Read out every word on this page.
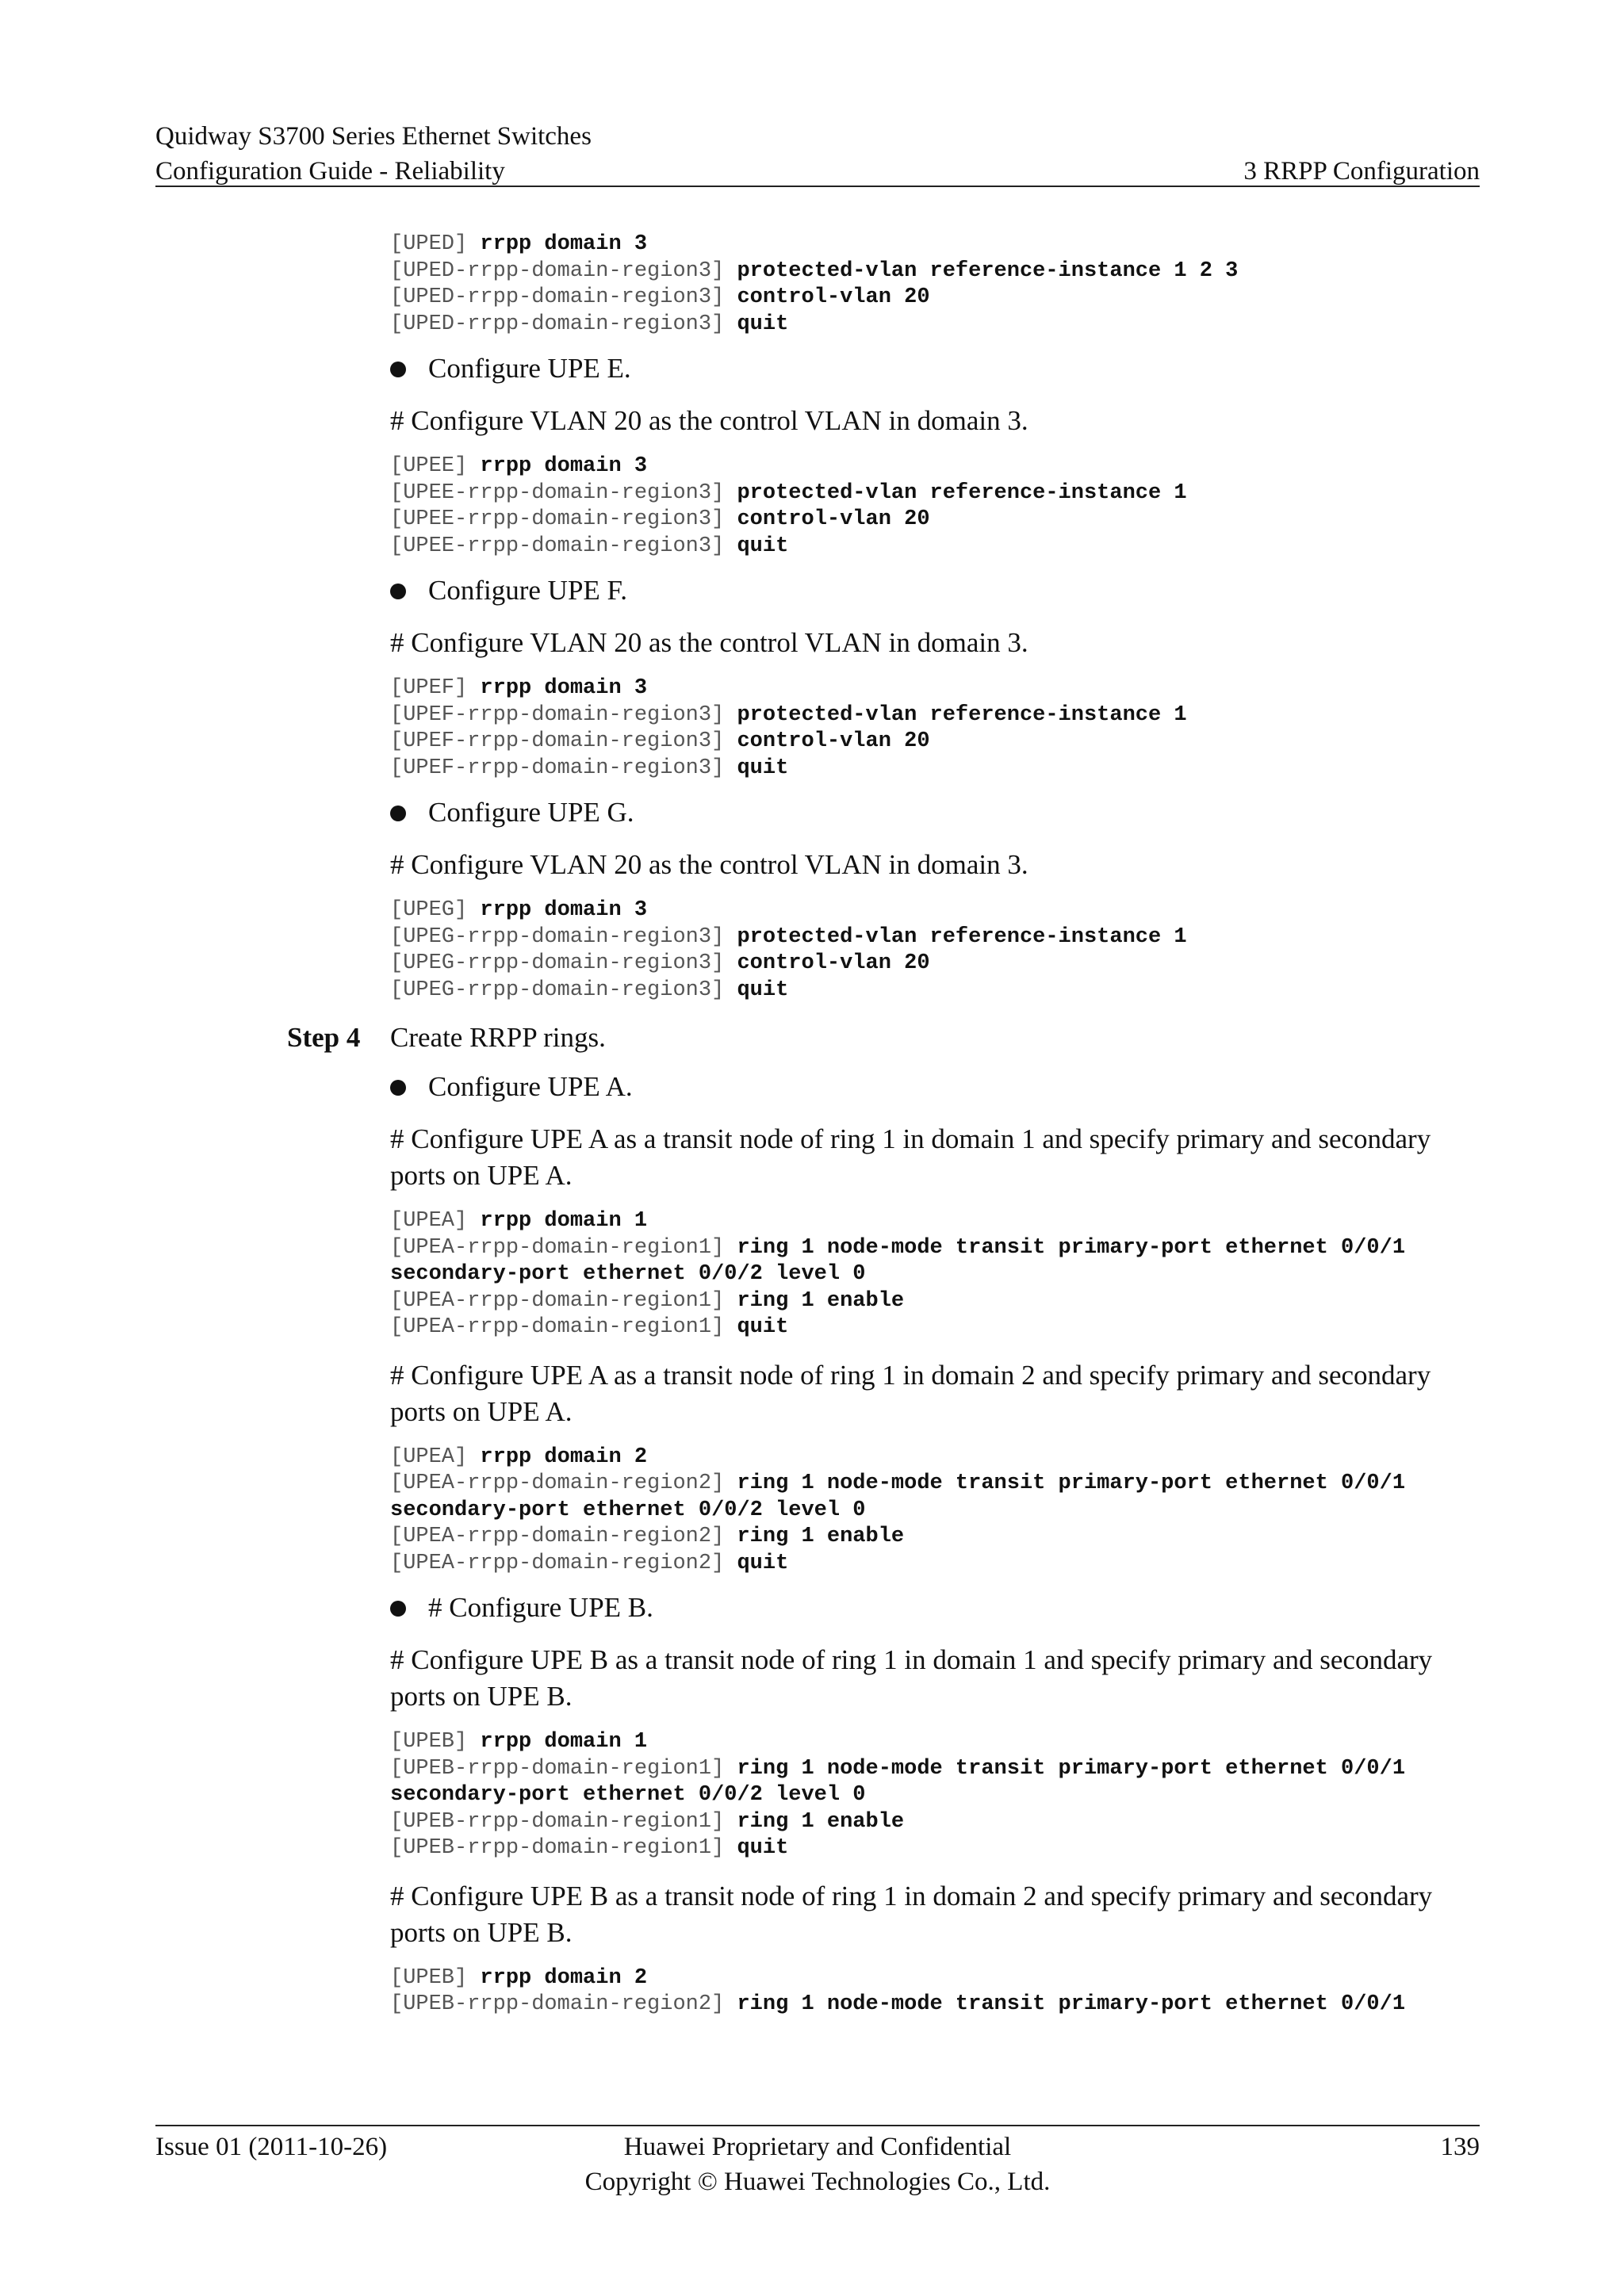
Quidway S3700 Series Ethernet Switches
Configuration Guide - Reliability	3 RRPP Configuration
[UPED] rrpp domain 3
[UPED-rrpp-domain-region3] protected-vlan reference-instance 1 2 3
[UPED-rrpp-domain-region3] control-vlan 20
[UPED-rrpp-domain-region3] quit
Configure UPE E.
# Configure VLAN 20 as the control VLAN in domain 3.
[UPEE] rrpp domain 3
[UPEE-rrpp-domain-region3] protected-vlan reference-instance 1
[UPEE-rrpp-domain-region3] control-vlan 20
[UPEE-rrpp-domain-region3] quit
Configure UPE F.
# Configure VLAN 20 as the control VLAN in domain 3.
[UPEF] rrpp domain 3
[UPEF-rrpp-domain-region3] protected-vlan reference-instance 1
[UPEF-rrpp-domain-region3] control-vlan 20
[UPEF-rrpp-domain-region3] quit
Configure UPE G.
# Configure VLAN 20 as the control VLAN in domain 3.
[UPEG] rrpp domain 3
[UPEG-rrpp-domain-region3] protected-vlan reference-instance 1
[UPEG-rrpp-domain-region3] control-vlan 20
[UPEG-rrpp-domain-region3] quit
Step 4 Create RRPP rings.
Configure UPE A.
# Configure UPE A as a transit node of ring 1 in domain 1 and specify primary and secondary ports on UPE A.
[UPEA] rrpp domain 1
[UPEA-rrpp-domain-region1] ring 1 node-mode transit primary-port ethernet 0/0/1
secondary-port ethernet 0/0/2 level 0
[UPEA-rrpp-domain-region1] ring 1 enable
[UPEA-rrpp-domain-region1] quit
# Configure UPE A as a transit node of ring 1 in domain 2 and specify primary and secondary ports on UPE A.
[UPEA] rrpp domain 2
[UPEA-rrpp-domain-region2] ring 1 node-mode transit primary-port ethernet 0/0/1
secondary-port ethernet 0/0/2 level 0
[UPEA-rrpp-domain-region2] ring 1 enable
[UPEA-rrpp-domain-region2] quit
# Configure UPE B.
# Configure UPE B as a transit node of ring 1 in domain 1 and specify primary and secondary ports on UPE B.
[UPEB] rrpp domain 1
[UPEB-rrpp-domain-region1] ring 1 node-mode transit primary-port ethernet 0/0/1
secondary-port ethernet 0/0/2 level 0
[UPEB-rrpp-domain-region1] ring 1 enable
[UPEB-rrpp-domain-region1] quit
# Configure UPE B as a transit node of ring 1 in domain 2 and specify primary and secondary ports on UPE B.
[UPEB] rrpp domain 2
[UPEB-rrpp-domain-region2] ring 1 node-mode transit primary-port ethernet 0/0/1
Issue 01 (2011-10-26)	Huawei Proprietary and Confidential
Copyright © Huawei Technologies Co., Ltd.
139
